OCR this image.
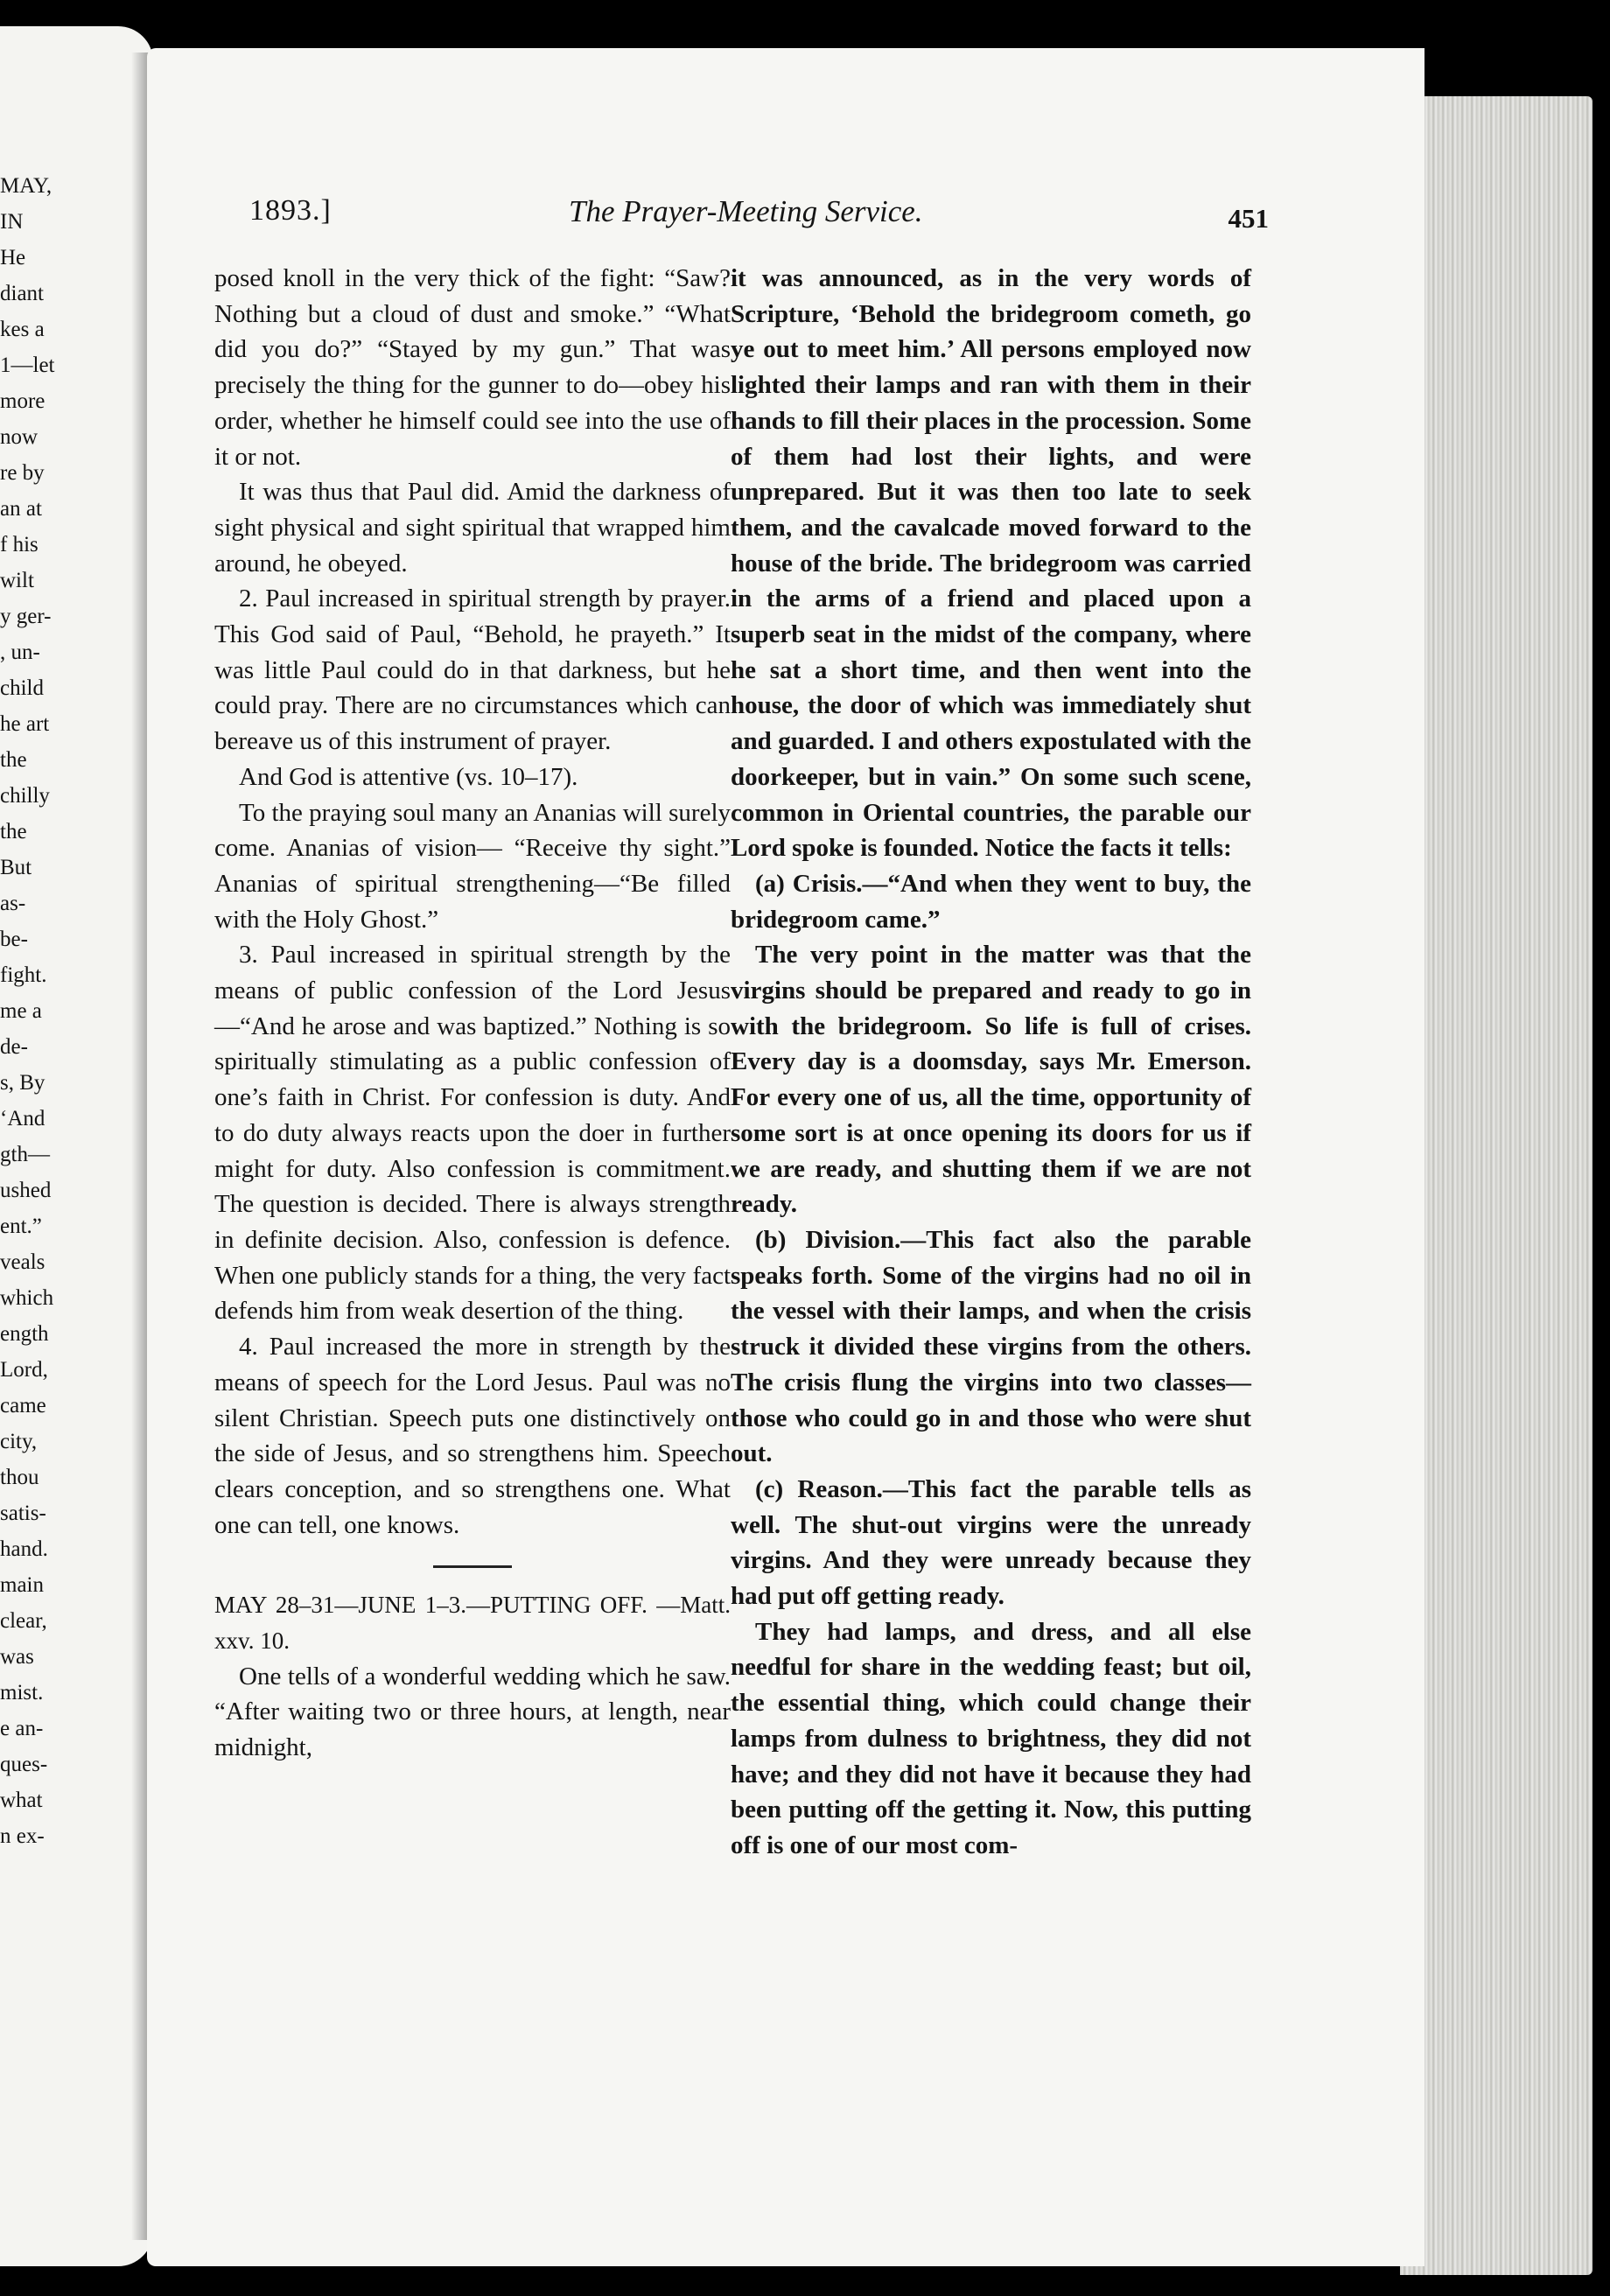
MAY,
IN
He
diant
kes a
1—let
more
now
re by
an at
f his
wilt
y ger-
, un-
child
he art
the
chilly
the
But
as-
be-
fight.
me a
de-
s, By
‘And
gth—
ushed
ent.”
veals
which
ength
Lord,
came
city,
thou
satis-
hand.
main
clear,
was
mist.
e an-
ques-
what
n ex-
1893.]	The Prayer-Meeting Service.	451

posed knoll in the very thick of the fight: “Saw? Nothing but a cloud of dust and smoke.” “What did you do?” “Stayed by my gun.” That was precisely the thing for the gunner to do—obey his order, whether he himself could see into the use of it or not.

It was thus that Paul did. Amid the darkness of sight physical and sight spiritual that wrapped him around, he obeyed.

2. Paul increased in spiritual strength by prayer. This God said of Paul, “Behold, he prayeth.” It was little Paul could do in that darkness, but he could pray. There are no circumstances which can bereave us of this instrument of prayer.

And God is attentive (vs. 10–17).

To the praying soul many an Ananias will surely come. Ananias of vision— “Receive thy sight.” Ananias of spiritual strengthening—“Be filled with the Holy Ghost.”

3. Paul increased in spiritual strength by the means of public confession of the Lord Jesus—“And he arose and was baptized.” Nothing is so spiritually stimulating as a public confession of one’s faith in Christ. For confession is duty. And to do duty always reacts upon the doer in further might for duty. Also confession is commitment. The question is decided. There is always strength in definite decision. Also, confession is defence. When one publicly stands for a thing, the very fact defends him from weak desertion of the thing.

4. Paul increased the more in strength by the means of speech for the Lord Jesus. Paul was no silent Christian. Speech puts one distinctively on the side of Jesus, and so strengthens him. Speech clears conception, and so strengthens one. What one can tell, one knows.

MAY 28–31—JUNE 1–3.—PUTTING OFF. —Matt. xxv. 10.

One tells of a wonderful wedding which he saw. “After waiting two or three hours, at length, near midnight,

it was announced, as in the very words of Scripture, ‘Behold the bridegroom cometh, go ye out to meet him.’ All persons employed now lighted their lamps and ran with them in their hands to fill their places in the procession. Some of them had lost their lights, and were unprepared. But it was then too late to seek them, and the cavalcade moved forward to the house of the bride. The bridegroom was carried in the arms of a friend and placed upon a superb seat in the midst of the company, where he sat a short time, and then went into the house, the door of which was immediately shut and guarded. I and others expostulated with the doorkeeper, but in vain.” On some such scene, common in Oriental countries, the parable our Lord spoke is founded. Notice the facts it tells:

(a) Crisis.—“And when they went to buy, the bridegroom came.”

The very point in the matter was that the virgins should be prepared and ready to go in with the bridegroom. So life is full of crises. Every day is a doomsday, says Mr. Emerson. For every one of us, all the time, opportunity of some sort is at once opening its doors for us if we are ready, and shutting them if we are not ready.

(b) Division.—This fact also the parable speaks forth. Some of the virgins had no oil in the vessel with their lamps, and when the crisis struck it divided these virgins from the others. The crisis flung the virgins into two classes—those who could go in and those who were shut out.

(c) Reason.—This fact the parable tells as well. The shut-out virgins were the unready virgins. And they were unready because they had put off getting ready.

They had lamps, and dress, and all else needful for share in the wedding feast; but oil, the essential thing, which could change their lamps from dulness to brightness, they did not have; and they did not have it because they had been putting off the getting it. Now, this putting off is one of our most com-
